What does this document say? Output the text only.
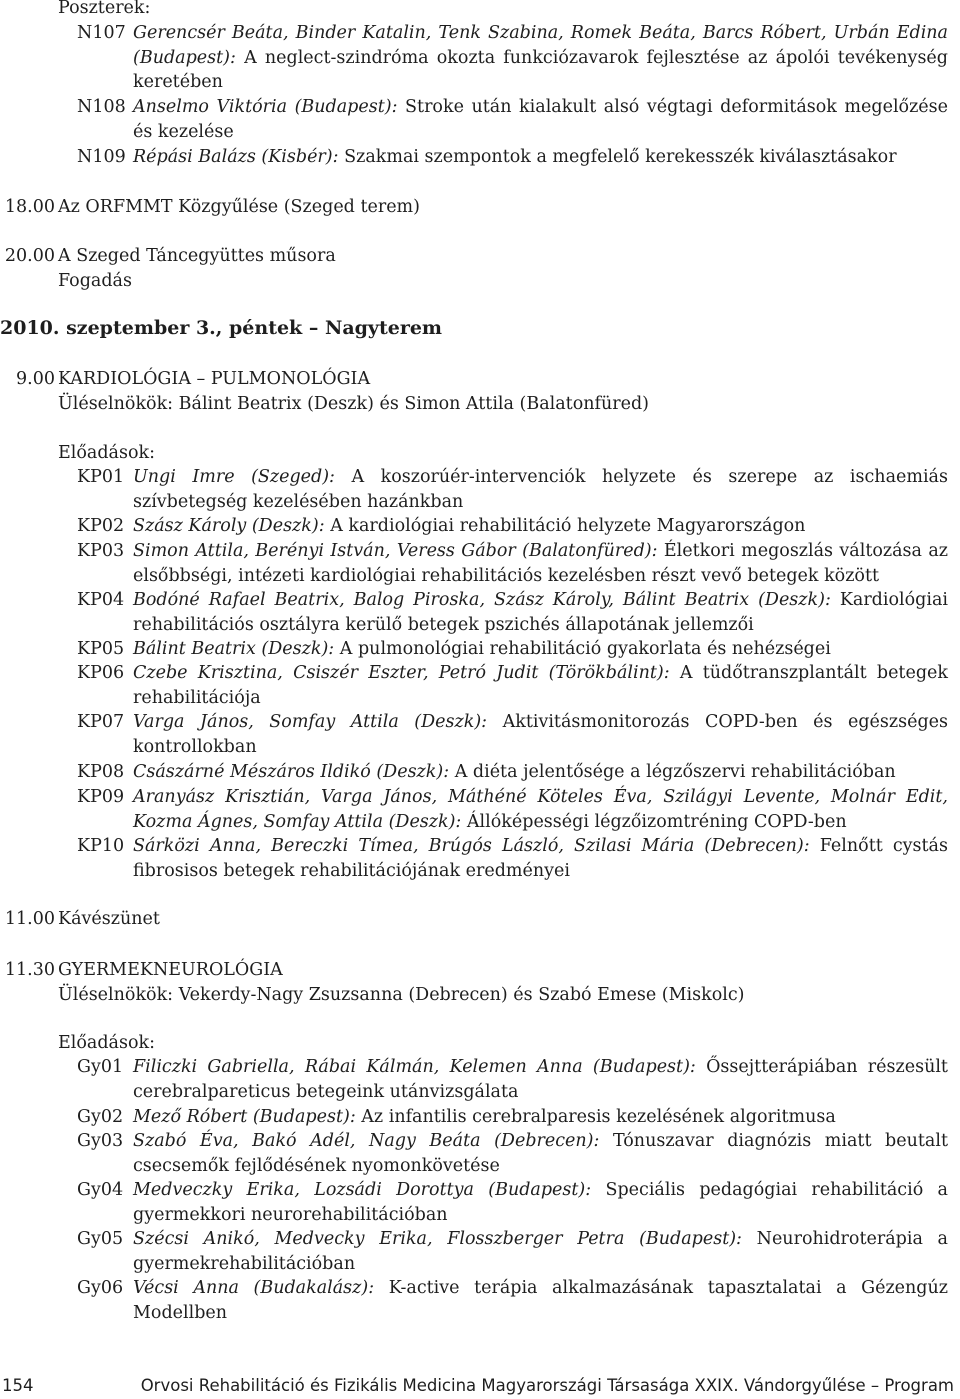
Poszterek:
N107 Gerencsér Beáta, Binder Katalin, Tenk Szabina, Romek Beáta, Barcs Róbert, Urbán Edina (Budapest): A neglect-szindróma okozta funkciózavarok fejlesztése az ápolói tevékenység keretében
N108 Anselmo Viktória (Budapest): Stroke után kialakult alsó végtagi deformitások megelőzése és kezelése
N109 Répási Balázs (Kisbér): Szakmai szempontok a megfelelő kerekesszék kiválasztásakor
18.00 Az ORFMMT Közgyűlése (Szeged terem)
20.00 A Szeged Táncegyüttes műsora
Fogadás
2010. szeptember 3., péntek – Nagyterem
9.00 KARDIOLÓGIA – PULMONOLÓGIA
Üléselnökök: Bálint Beatrix (Deszk) és Simon Attila (Balatonfüred)
Előadások:
KP01 Ungi Imre (Szeged): A koszorúér-intervenciók helyzete és szerepe az ischaemiás szívbetegség kezelésében hazánkban
KP02 Szász Károly (Deszk): A kardiológiai rehabilitáció helyzete Magyarországon
KP03 Simon Attila, Berényi István, Veress Gábor (Balatonfüred): Életkori megoszlás változása az elsőbbségi, intézeti kardiológiai rehabilitációs kezelésben részt vevő betegek között
KP04 Bodóné Rafael Beatrix, Balog Piroska, Szász Károly, Bálint Beatrix (Deszk): Kardiológiai rehabilitációs osztályra kerülő betegek pszichés állapotának jellemzői
KP05 Bálint Beatrix (Deszk): A pulmonológiai rehabilitáció gyakorlata és nehézségei
KP06 Czebe Krisztina, Csiszér Eszter, Petró Judit (Törökbálint): A tüdőtranszplantált betegek rehabilitációja
KP07 Varga János, Somfay Attila (Deszk): Aktivitásmonitorozás COPD-ben és egészséges kontrollokban
KP08 Császárné Mészáros Ildikó (Deszk): A diéta jelentősége a légzőszervi rehabilitációban
KP09 Aranyász Krisztián, Varga János, Máthéné Köteles Éva, Szilágyi Levente, Molnár Edit, Kozma Ágnes, Somfay Attila (Deszk): Állóképességi légzőizomtréning COPD-ben
KP10 Sárközi Anna, Bereczki Tímea, Brúgós László, Szilasi Mária (Debrecen): Felnőtt cystás fibrosisos betegek rehabilitációjának eredményei
11.00 Kávészünet
11.30 GYERMEKNEUROLÓGIA
Üléselnökök: Vekerdy-Nagy Zsuzsanna (Debrecen) és Szabó Emese (Miskolc)
Előadások:
Gy01 Filiczki Gabriella, Rábai Kálmán, Kelemen Anna (Budapest): Őssejtterápiában részesült cerebralpareticus betegeink utánvizsgálata
Gy02 Mező Róbert (Budapest): Az infantilis cerebralparesis kezelésének algoritmusa
Gy03 Szabó Éva, Bakó Adél, Nagy Beáta (Debrecen): Tónuszavar diagnózis miatt beutalt csecsemők fejlődésének nyomonkövetése
Gy04 Medveczky Erika, Lozsádi Dorottya (Budapest): Speciális pedagógiai rehabilitáció a gyermekkori neurorehabilitációban
Gy05 Szécsi Anikó, Medvecky Erika, Flosszberger Petra (Budapest): Neurohidroterápia a gyermekrehabilitációban
Gy06 Vécsi Anna (Budakalász): K-active terápia alkalmazásának tapasztalatai a Gézengúz Modellben
154	Orvosi Rehabilitáció és Fizikális Medicina Magyarországi Társasága XXIX. Vándorgyűlése – Program
